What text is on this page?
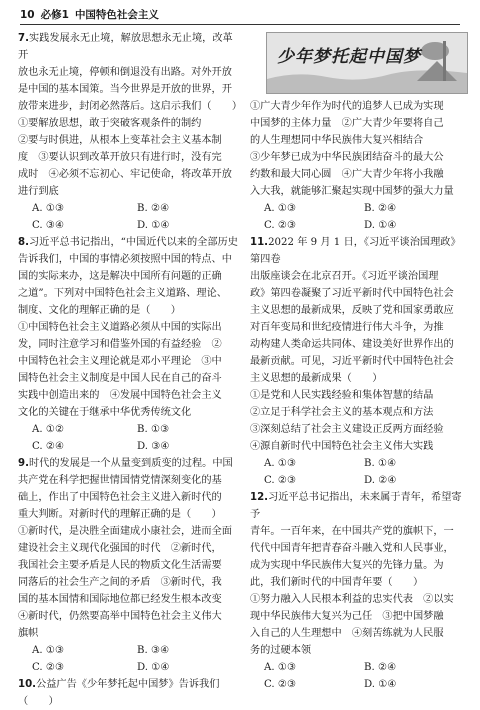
10 必修1 中国特色社会主义

7.实践发展永无止境，解放思想永无止境，改革开

放也永无止境，停顿和倒退没有出路。对外开放

是中国的基本国策。当今世界是开放的世界，开

放带来进步，封闭必然落后。这启示我们（　　）

①要解放思想，敢于突破客观条件的制约

②要与时俱进，从根本上变革社会主义基本制

度　③要认识到改革开放只有进行时，没有完

成时　④必须不忘初心、牢记使命，将改革开放

进行到底

A. ①③	B. ②④
C. ③④	D. ①④

8.习近平总书记指出，“中国近代以来的全部历史

告诉我们，中国的事情必须按照中国的特点、中

国的实际来办，这是解决中国所有问题的正确

之道”。下列对中国特色社会主义道路、理论、

制度、文化的理解正确的是（　　）

①中国特色社会主义道路必须从中国的实际出

发，同时注意学习和借鉴外国的有益经验　②

中国特色社会主义理论就是邓小平理论　③中

国特色社会主义制度是中国人民在自己的奋斗

实践中创造出来的　④发展中国特色社会主义

文化的关键在于继承中华优秀传统文化

A. ①②	B. ①③
C. ②④	D. ③④

9.时代的发展是一个从量变到质变的过程。中国

共产党在科学把握世情国情党情深刻变化的基

础上，作出了中国特色社会主义进入新时代的

重大判断。对新时代的理解正确的是（　　）

①新时代，是决胜全面建成小康社会，进而全面

建设社会主义现代化强国的时代　②新时代，

我国社会主要矛盾是人民的物质文化生活需要

同落后的社会生产之间的矛盾　③新时代，我

国的基本国情和国际地位都已经发生根本改变

④新时代，仍然要高举中国特色社会主义伟大

旗帜

A. ①③	B. ③④
C. ②③	D. ①④

10.公益广告《少年梦托起中国梦》告诉我们（　　）

少年梦托起中国梦

①广大青少年作为时代的追梦人已成为实现

中国梦的主体力量　②广大青少年要将自己

的人生理想同中华民族伟大复兴相结合

③少年梦已成为中华民族团结奋斗的最大公

约数和最大同心圆　④广大青少年将小我融

入大我，就能够汇聚起实现中国梦的强大力量

A. ①③	B. ②④
C. ②③	D. ①④

11.2022 年 9 月 1 日，《习近平谈治国理政》第四卷

出版座谈会在北京召开。《习近平谈治国理

政》第四卷凝聚了习近平新时代中国特色社会

主义思想的最新成果，反映了党和国家勇敢应

对百年变局和世纪疫情进行伟大斗争，为推

动构建人类命运共同体、建设美好世界作出的

最新贡献。可见，习近平新时代中国特色社会

主义思想的最新成果（　　）

①是党和人民实践经验和集体智慧的结晶

②立足于科学社会主义的基本观点和方法

③深刻总结了社会主义建设正反两方面经验

④源自新时代中国特色社会主义伟大实践

A. ①③	B. ①④
C. ②③	D. ②④

12.习近平总书记指出，未来属于青年，希望寄予

青年。一百年来，在中国共产党的旗帜下，一

代代中国青年把青春奋斗融入党和人民事业，

成为实现中华民族伟大复兴的先锋力量。为

此，我们新时代的中国青年要（　　）

①努力融入人民根本利益的忠实代表　②以实

现中华民族伟大复兴为己任　③把中国梦融

入自己的人生理想中　④刻苦练就为人民服

务的过硬本领

A. ①③	B. ②④
C. ②③	D. ①④
